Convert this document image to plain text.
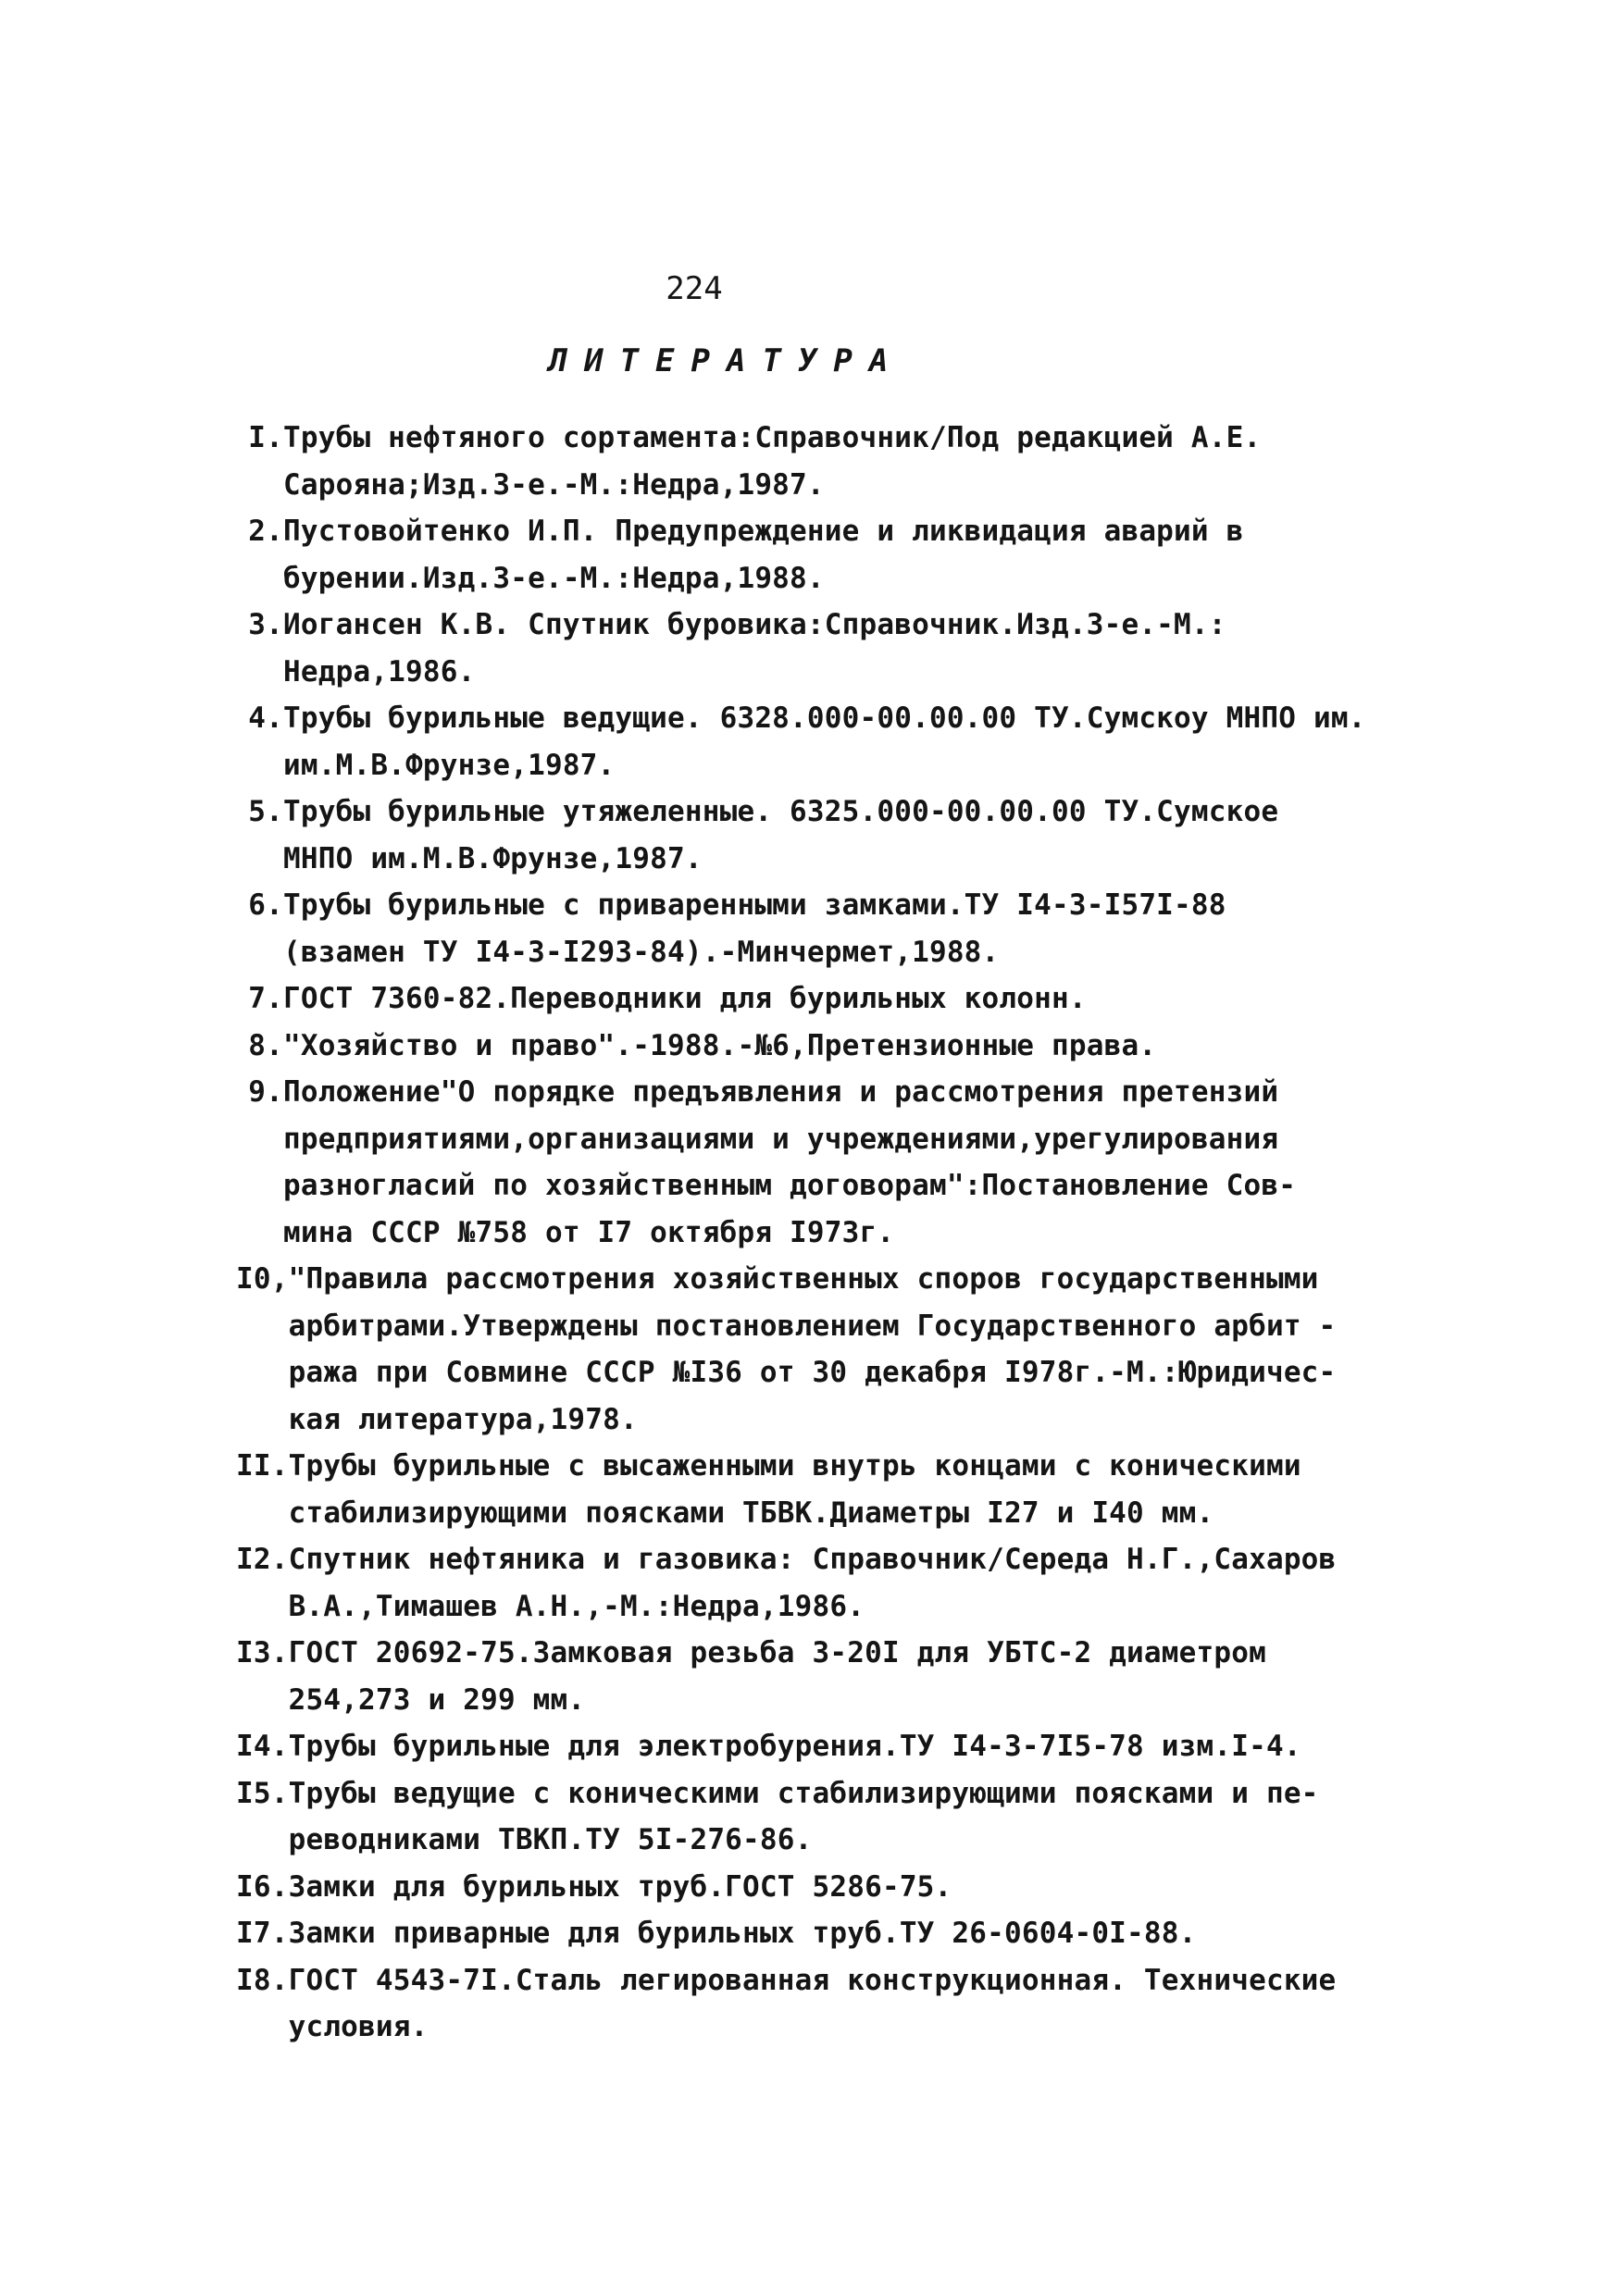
224
ЛИТЕРАТУРА
I. Трубы нефтяного сортамента:Справочник/Под редакцией А.Е.
Сарояна;Изд.3-е.-М.:Недра,1987.
2. Пустовойтенко И.П. Предупреждение и ликвидация аварий в
бурении.Изд.3-е.-М.:Недра,1988.
3. Иогансен К.В. Спутник буровика:Справочник.Изд.3-е.-М.:
Недра,1986.
4. Трубы бурильные ведущие. 6328.000-00.00.00 ТУ.Сумскоу МНПО им.
им.М.В.Фрунзе,1987.
5. Трубы бурильные утяжеленные. 6325.000-00.00.00 ТУ.Сумское
МНПО им.М.В.Фрунзе,1987.
6. Трубы бурильные с приваренными замками.ТУ I4-3-I57I-88
(взамен ТУ I4-3-I293-84).-Минчермет,1988.
7. ГОСТ 7360-82.Переводники для бурильных колонн.
8. "Хозяйство и право".-1988.-№6,Претензионные права.
9. Положение"О порядке предъявления и рассмотрения претензий
предприятиями,организациями и учреждениями,урегулирования
разногласий по хозяйственным договорам":Постановление Сов-
мина СССР №758 от I7 октября I973г.
I0, "Правила рассмотрения хозяйственных споров государственными
арбитрами.Утверждены постановлением Государственного арбит -
ража при Совмине СССР №I36 от 30 декабря I978г.-М.:Юридичес-
кая литература,1978.
II. Трубы бурильные с высаженными внутрь концами с коническими
стабилизирующими поясками ТБВК.Диаметры I27 и I40 мм.
I2. Спутник нефтяника и газовика: Справочник/Середа Н.Г.,Сахаров
В.А.,Тимашев А.Н.,-М.:Недра,1986.
I3. ГОСТ 20692-75.Замковая резьба 3-20I для УБТС-2 диаметром
254,273 и 299 мм.
I4. Трубы бурильные для электробурения.ТУ I4-3-7I5-78 изм.I-4.
I5. Трубы ведущие с коническими стабилизирующими поясками и пе-
реводниками ТВКП.ТУ 5I-276-86.
I6. Замки для бурильных труб.ГОСТ 5286-75.
I7. Замки приварные для бурильных труб.ТУ 26-0604-0I-88.
I8. ГОСТ 4543-7I.Сталь легированная конструкционная. Технические
условия.
